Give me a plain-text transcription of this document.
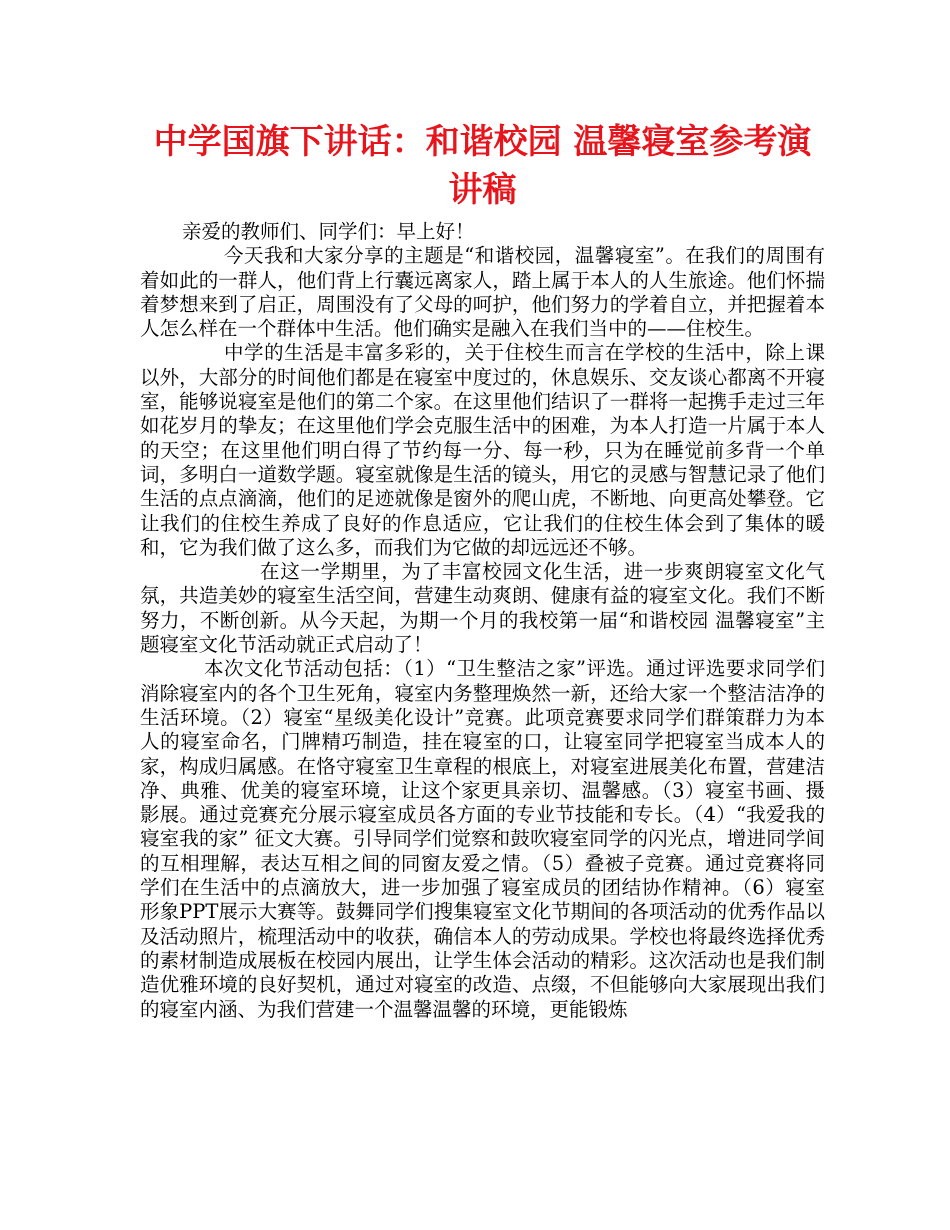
中学国旗下讲话：和谐校园 温馨寝室参考演讲稿

亲爱的教师们、同学们：早上好！

今天我和大家分享的主题是“和谐校园，温馨寝室”。在我们的周围有着如此的一群人，他们背上行囊远离家人，踏上属于本人的人生旅途。他们怀揣着梦想来到了启正，周围没有了父母的呵护，他们努力的学着自立，并把握着本人怎么样在一个群体中生活。他们确实是融入在我们当中的——住校生。

中学的生活是丰富多彩的，关于住校生而言在学校的生活中，除上课以外，大部分的时间他们都是在寝室中度过的，休息娱乐、交友谈心都离不开寝室，能够说寝室是他们的第二个家。在这里他们结识了一群将一起携手走过三年如花岁月的挚友；在这里他们学会克服生活中的困难，为本人打造一片属于本人的天空；在这里他们明白得了节约每一分、每一秒，只为在睡觉前多背一个单词，多明白一道数学题。寝室就像是生活的镜头，用它的灵感与智慧记录了他们生活的点点滴滴，他们的足迹就像是窗外的爬山虎，不断地、向更高处攀登。它让我们的住校生养成了良好的作息适应，它让我们的住校生体会到了集体的暖和，它为我们做了这么多，而我们为它做的却远远还不够。

在这一学期里，为了丰富校园文化生活，进一步爽朗寝室文化气氛，共造美妙的寝室生活空间，营建生动爽朗、健康有益的寝室文化。我们不断努力，不断创新。从今天起，为期一个月的我校第一届“和谐校园 温馨寝室”主题寝室文化节活动就正式启动了！

本次文化节活动包括：（1）“卫生整洁之家”评选。通过评选要求同学们消除寝室内的各个卫生死角，寝室内务整理焕然一新，还给大家一个整洁洁净的生活环境。（2）寝室“星级美化设计”竞赛。此项竞赛要求同学们群策群力为本人的寝室命名，门牌精巧制造，挂在寝室的口，让寝室同学把寝室当成本人的家，构成归属感。在恪守寝室卫生章程的根底上，对寝室进展美化布置，营建洁净、典雅、优美的寝室环境，让这个家更具亲切、温馨感。（3）寝室书画、摄影展。通过竞赛充分展示寝室成员各方面的专业节技能和专长。（4）“我爱我的寝室我的家” 征文大赛。引导同学们觉察和鼓吹寝室同学的闪光点，增进同学间的互相理解，表达互相之间的同窗友爱之情。（5）叠被子竞赛。通过竞赛将同学们在生活中的点滴放大，进一步加强了寝室成员的团结协作精神。（6）寝室形象PPT展示大赛等。鼓舞同学们搜集寝室文化节期间的各项活动的优秀作品以及活动照片，梳理活动中的收获，确信本人的劳动成果。学校也将最终选择优秀的素材制造成展板在校园内展出，让学生体会活动的精彩。这次活动也是我们制造优雅环境的良好契机，通过对寝室的改造、点缀，不但能够向大家展现出我们的寝室内涵、为我们营建一个温馨温馨的环境，更能锻炼
